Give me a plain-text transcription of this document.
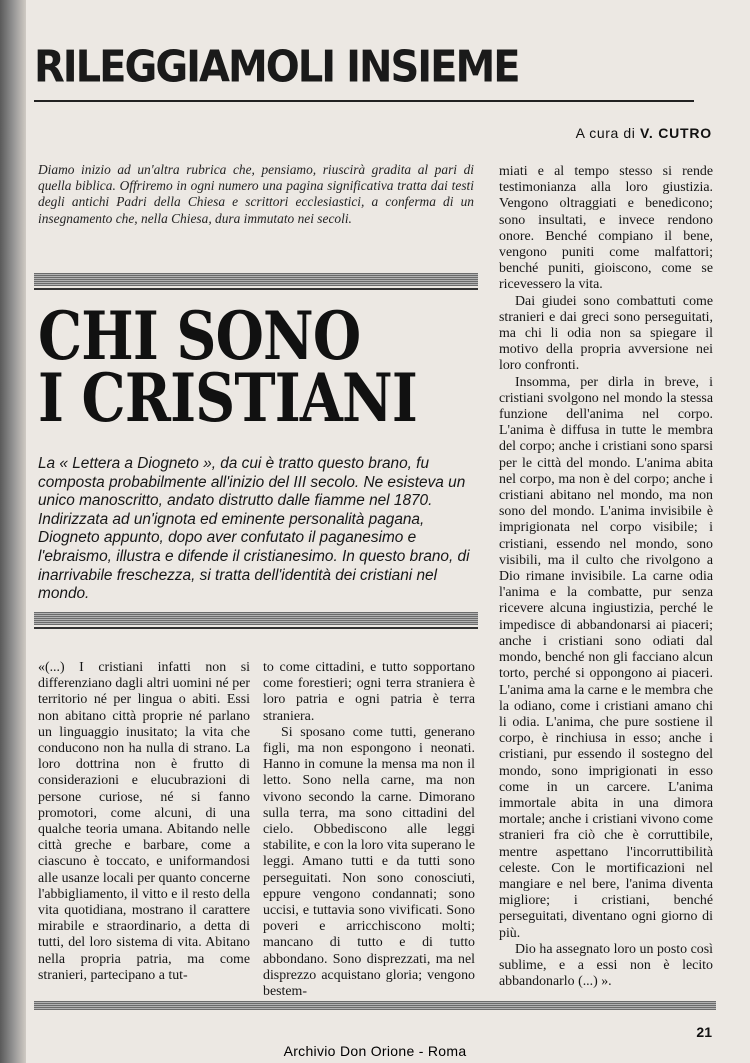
RILEGGIAMOLI INSIEME
A cura di V. CUTRO

Diamo inizio ad un'altra rubrica che, pensiamo, riuscirà gradita al pari di quella biblica. Offriremo in ogni numero una pagina significativa tratta dai testi degli antichi Padri della Chiesa e scrittori ecclesiastici, a conferma di un insegnamento che, nella Chiesa, dura immutato nei secoli.

CHI SONO
I CRISTIANI

La « Lettera a Diogneto », da cui è tratto questo brano, fu composta probabilmente all'inizio del III secolo. Ne esisteva un unico manoscritto, andato distrutto dalle fiamme nel 1870. Indirizzata ad un'ignota ed eminente personalità pagana, Diogneto appunto, dopo aver confutato il paganesimo e l'ebraismo, illustra e difende il cristianesimo. In questo brano, di inarrivabile freschezza, si tratta dell'identità dei cristiani nel mondo.

«(...) I cristiani infatti non si differenziano dagli altri uomini né per territorio né per lingua o abiti. Essi non abitano città proprie né parlano un linguaggio inusitato; la vita che conducono non ha nulla di strano. La loro dottrina non è frutto di considerazioni e elucubrazioni di persone curiose, né si fanno promotori, come alcuni, di una qualche teoria umana. Abitando nelle città greche e barbare, come a ciascuno è toccato, e uniformandosi alle usanze locali per quanto concerne l'abbigliamento, il vitto e il resto della vita quotidiana, mostrano il carattere mirabile e straordinario, a detta di tutti, del loro sistema di vita. Abitano nella propria patria, ma come stranieri, partecipano a tut-

to come cittadini, e tutto sopportano come forestieri; ogni terra straniera è loro patria e ogni patria è terra straniera.

Si sposano come tutti, generano figli, ma non espongono i neonati. Hanno in comune la mensa ma non il letto. Sono nella carne, ma non vivono secondo la carne. Dimorano sulla terra, ma sono cittadini del cielo. Obbediscono alle leggi stabilite, e con la loro vita superano le leggi. Amano tutti e da tutti sono perseguitati. Non sono conosciuti, eppure vengono condannati; sono uccisi, e tuttavia sono vivificati. Sono poveri e arricchiscono molti; mancano di tutto e di tutto abbondano. Sono disprezzati, ma nel disprezzo acquistano gloria; vengono bestem-

miati e al tempo stesso si rende testimonianza alla loro giustizia. Vengono oltraggiati e benedicono; sono insultati, e invece rendono onore. Benché compiano il bene, vengono puniti come malfattori; benché puniti, gioiscono, come se ricevessero la vita.

Dai giudei sono combattuti come stranieri e dai greci sono perseguitati, ma chi li odia non sa spiegare il motivo della propria avversione nei loro confronti.

Insomma, per dirla in breve, i cristiani svolgono nel mondo la stessa funzione dell'anima nel corpo. L'anima è diffusa in tutte le membra del corpo; anche i cristiani sono sparsi per le città del mondo. L'anima abita nel corpo, ma non è del corpo; anche i cristiani abitano nel mondo, ma non sono del mondo. L'anima invisibile è imprigionata nel corpo visibile; i cristiani, essendo nel mondo, sono visibili, ma il culto che rivolgono a Dio rimane invisibile. La carne odia l'anima e la combatte, pur senza ricevere alcuna ingiustizia, perché le impedisce di abbandonarsi ai piaceri; anche i cristiani sono odiati dal mondo, benché non gli facciano alcun torto, perché si oppongono ai piaceri. L'anima ama la carne e le membra che la odiano, come i cristiani amano chi li odia. L'anima, che pure sostiene il corpo, è rinchiusa in esso; anche i cristiani, pur essendo il sostegno del mondo, sono imprigionati in esso come in un carcere. L'anima immortale abita in una dimora mortale; anche i cristiani vivono come stranieri fra ciò che è corruttibile, mentre aspettano l'incorruttibilità celeste. Con le mortificazioni nel mangiare e nel bere, l'anima diventa migliore; i cristiani, benché perseguitati, diventano ogni giorno di più.

Dio ha assegnato loro un posto così sublime, e a essi non è lecito abbandonarlo (...) ».

21
Archivio Don Orione - Roma
